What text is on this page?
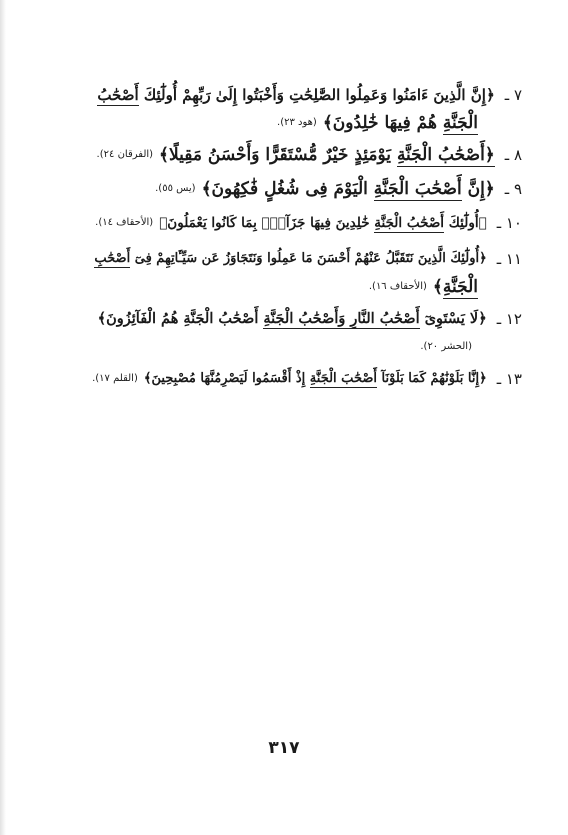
٧ ـ﴿إِنَّ الَّذِينَ ءَامَنُوا وَعَمِلُوا الصَّٰلِحَٰتِ وَأَخْبَتُوا إِلَىٰ رَبِّهِمْ أُولَٰٓئِكَ أَصْحَٰبُ
الْجَنَّةِ هُمْ فِيهَا خَٰلِدُونَ﴾(هود ٢٣).
٨ ـ﴿أَصْحَٰبُ الْجَنَّةِ يَوْمَئِذٍ خَيْرٌ مُّسْتَقَرًّا وَأَحْسَنُ مَقِيلًا﴾(الفرقان ٢٤).
٩ ـ﴿إِنَّ أَصْحَٰبَ الْجَنَّةِ الْيَوْمَ فِى شُغُلٍ فَٰكِهُونَ﴾(يس ٥٥).
١٠ ـ﴿أُولَٰٓئِكَ أَصْحَٰبُ الْجَنَّةِ خَٰلِدِينَ فِيهَا جَزَآءًۢ بِمَا كَانُوا يَعْمَلُونَ﴾(الأحقاف ١٤).
١١ ـ﴿أُولَٰٓئِكَ الَّذِينَ نَتَقَبَّلُ عَنْهُمْ أَحْسَنَ مَا عَمِلُوا وَنَتَجَاوَزُ عَن سَيِّـَٔاتِهِمْ فِىٓ أَصْحَٰبِ
الْجَنَّةِ﴾(الأحقاف ١٦).
١٢ ـ﴿لَا يَسْتَوِىٓ أَصْحَٰبُ النَّارِ وَأَصْحَٰبُ الْجَنَّةِ أَصْحَٰبُ الْجَنَّةِ هُمُ الْفَآئِزُونَ﴾
(الحشر ٢٠).
١٣ ـ﴿إِنَّا بَلَوْنَٰهُمْ كَمَا بَلَوْنَآ أَصْحَٰبَ الْجَنَّةِ إِذْ أَقْسَمُوا لَيَصْرِمُنَّهَا مُصْبِحِينَ﴾(القلم ١٧).
٣١٧
